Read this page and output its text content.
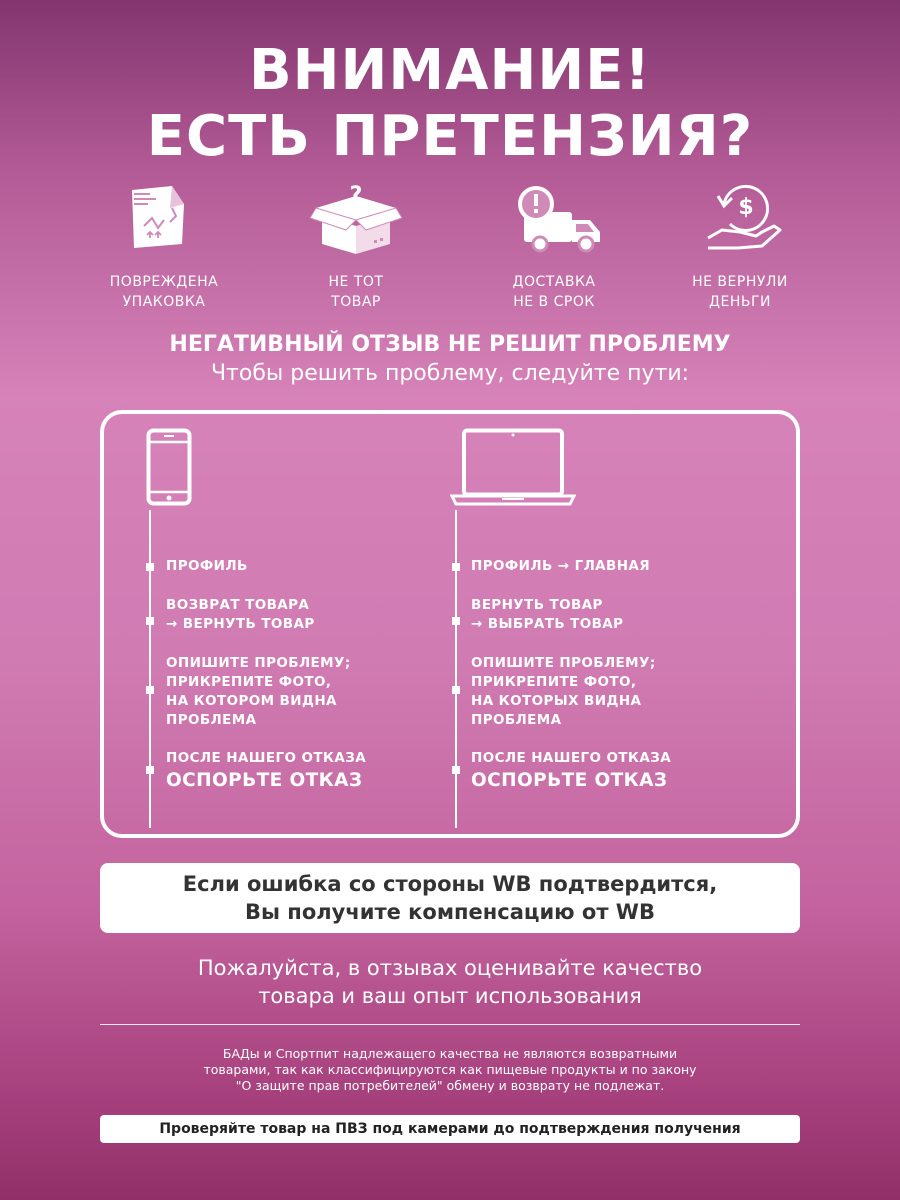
ВНИМАНИЕ!
ЕСТЬ ПРЕТЕНЗИЯ?
?	$
ПОВРЕЖДЕНА
УПАКОВКА
НЕ ТОТ
ТОВАР
ДОСТАВКА
НЕ В СРОК
НЕ ВЕРНУЛИ
ДЕНЬГИ
НЕГАТИВНЫЙ ОТЗЫВ НЕ РЕШИТ ПРОБЛЕМУ
Чтобы решить проблему, следуйте пути:
ПРОФИЛЬ
ВОЗВРАТ ТОВАРА
→ ВЕРНУТЬ ТОВАР
ОПИШИТЕ ПРОБЛЕМУ;
ПРИКРЕПИТЕ ФОТО,
НА КОТОРОМ ВИДНА
ПРОБЛЕМА
ПОСЛЕ НАШЕГО ОТКАЗА
ОСПОРЬТЕ ОТКАЗ
ПРОФИЛЬ → ГЛАВНАЯ
ВЕРНУТЬ ТОВАР
→ ВЫБРАТЬ ТОВАР
ОПИШИТЕ ПРОБЛЕМУ;
ПРИКРЕПИТЕ ФОТО,
НА КОТОРЫХ ВИДНА
ПРОБЛЕМА
ПОСЛЕ НАШЕГО ОТКАЗА
ОСПОРЬТЕ ОТКАЗ
Если ошибка со стороны WB подтвердится,
Вы получите компенсацию от WB
Пожалуйста, в отзывах оценивайте качество
товара и ваш опыт использования
БАДы и Спортпит надлежащего качества не являются возвратными
товарами, так как классифицируются как пищевые продукты и по закону
"О защите прав потребителей" обмену и возврату не подлежат.
Проверяйте товар на ПВЗ под камерами до подтверждения получения
